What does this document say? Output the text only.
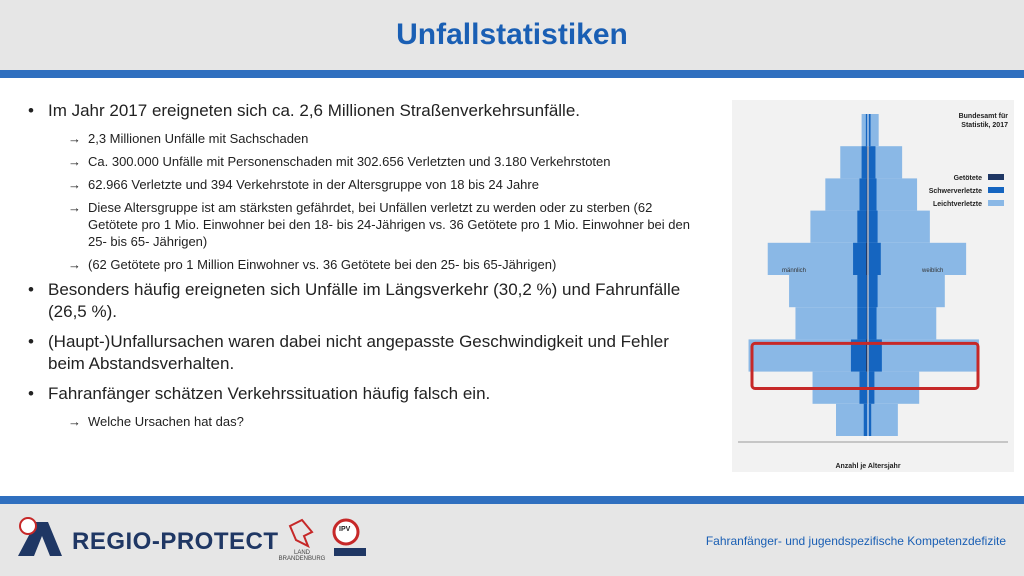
Unfallstatistiken
• Im Jahr 2017 ereigneten sich ca. 2,6 Millionen Straßenverkehrsunfälle.
→ 2,3 Millionen Unfälle mit Sachschaden
→ Ca. 300.000 Unfälle mit Personenschaden mit 302.656 Verletzten und 3.180 Verkehrstoten
→ 62.966 Verletzte und 394 Verkehrstote in der Altersgruppe von 18 bis 24 Jahre
→ Diese Altersgruppe ist am stärksten gefährdet, bei Unfällen verletzt zu werden oder zu sterben (62 Getötete pro 1 Mio. Einwohner bei den 18- bis 24-Jährigen vs. 36 Getötete pro 1 Mio. Einwohner bei den 25- bis 65- Jährigen)
→ (62 Getötete pro 1 Million Einwohner vs. 36 Getötete bei den 25- bis 65-Jährigen)
• Besonders häufig ereigneten sich Unfälle im Längsverkehr (30,2 %) und Fahrunfälle (26,5 %).
• (Haupt-)Unfallursachen waren dabei nicht angepasste Geschwindigkeit und Fehler beim Abstandsverhalten.
• Fahranfänger schätzen Verkehrssituation häufig falsch ein.
→ Welche Ursachen hat das?
männlich	weiblich
Bundesamt für
Statistik, 2017
Getötete
Schwerverletzte
Leichtverletzte
Anzahl je Altersjahr
REGIO-PROTECT	LAND BRANDENBURG
IPV
Fahranfänger- und jugendspezifische Kompetenzdefizite
